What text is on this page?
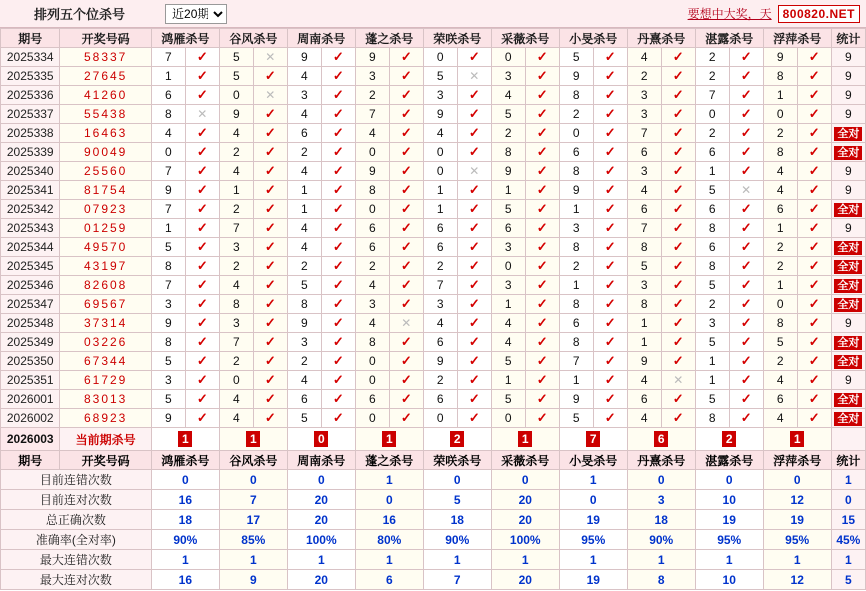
排列五个位杀号
近20期	要想中大奖，天 800820.NET
期号	开奖号码	鸿雁杀号		谷风杀号		周南杀号		蓬之杀号		荣咲杀号		采薇杀号		小旻杀号		丹熹杀号		湛露杀号		浮萍杀号		统计
2025334	58337	7	✓	5	✕	9	✓	9	✓	0	✓	0	✓	5	✓	4	✓	2	✓	9	✓	9
2025335	27645	1	✓	5	✓	4	✓	3	✓	5	✕	3	✓	9	✓	2	✓	2	✓	8	✓	9
2025336	41260	6	✓	0	✕	3	✓	2	✓	3	✓	4	✓	8	✓	3	✓	7	✓	1	✓	9
2025337	55438	8	✕	9	✓	4	✓	7	✓	9	✓	5	✓	2	✓	3	✓	0	✓	0	✓	9
2025338	16463	4	✓	4	✓	6	✓	4	✓	4	✓	2	✓	0	✓	7	✓	2	✓	2	✓	全对
2025339	90049	0	✓	2	✓	2	✓	0	✓	0	✓	8	✓	6	✓	6	✓	6	✓	8	✓	全对
2025340	25560	7	✓	4	✓	4	✓	9	✓	0	✕	9	✓	8	✓	3	✓	1	✓	4	✓	9
2025341	81754	9	✓	1	✓	1	✓	8	✓	1	✓	1	✓	9	✓	4	✓	5	✕	4	✓	9
2025342	07923	7	✓	2	✓	1	✓	0	✓	1	✓	5	✓	1	✓	6	✓	6	✓	6	✓	全对
2025343	01259	1	✓	7	✓	4	✓	6	✓	6	✓	6	✓	3	✓	7	✓	8	✓	1	✓	9
2025344	49570	5	✓	3	✓	4	✓	6	✓	6	✓	3	✓	8	✓	8	✓	6	✓	2	✓	全对
2025345	43197	8	✓	2	✓	2	✓	2	✓	2	✓	0	✓	2	✓	5	✓	8	✓	2	✓	全对
2025346	82608	7	✓	4	✓	5	✓	4	✓	7	✓	3	✓	1	✓	3	✓	5	✓	1	✓	全对
2025347	69567	3	✓	8	✓	8	✓	3	✓	3	✓	1	✓	8	✓	8	✓	2	✓	0	✓	全对
2025348	37314	9	✓	3	✓	9	✓	4	✕	4	✓	4	✓	6	✓	1	✓	3	✓	8	✓	9
2025349	03226	8	✓	7	✓	3	✓	8	✓	6	✓	4	✓	8	✓	1	✓	5	✓	5	✓	全对
2025350	67344	5	✓	2	✓	2	✓	0	✓	9	✓	5	✓	7	✓	9	✓	1	✓	2	✓	全对
2025351	61729	3	✓	0	✓	4	✓	0	✓	2	✓	1	✓	1	✓	4	✕	1	✓	4	✓	9
2026001	83013	5	✓	4	✓	6	✓	6	✓	6	✓	5	✓	9	✓	6	✓	5	✓	6	✓	全对
2026002	68923	9	✓	4	✓	5	✓	0	✓	0	✓	0	✓	5	✓	4	✓	8	✓	4	✓	全对
2026003	当前期杀号	1		1		0		1		2		1		7		6		2		1		
期号	开奖号码	鸿雁杀号		谷风杀号		周南杀号		蓬之杀号		荣咲杀号		采薇杀号		小旻杀号		丹熹杀号		湛露杀号		浮萍杀号		统计
目前连错次数		0		0		0		1		0		0		1		0		0		0		1
目前连对次数		16		7		20		0		5		20		0		3		10		12		0
总正确次数		18		17		20		16		18		20		19		18		19		19		15
准确率(全对率)		90%		85%		100%		80%		90%		100%		95%		90%		95%		95%		45%
最大连错次数		1		1		1		1		1		1		1		1		1		1		1
最大连对次数		16		9		20		6		7		20		19		8		10		12		5
